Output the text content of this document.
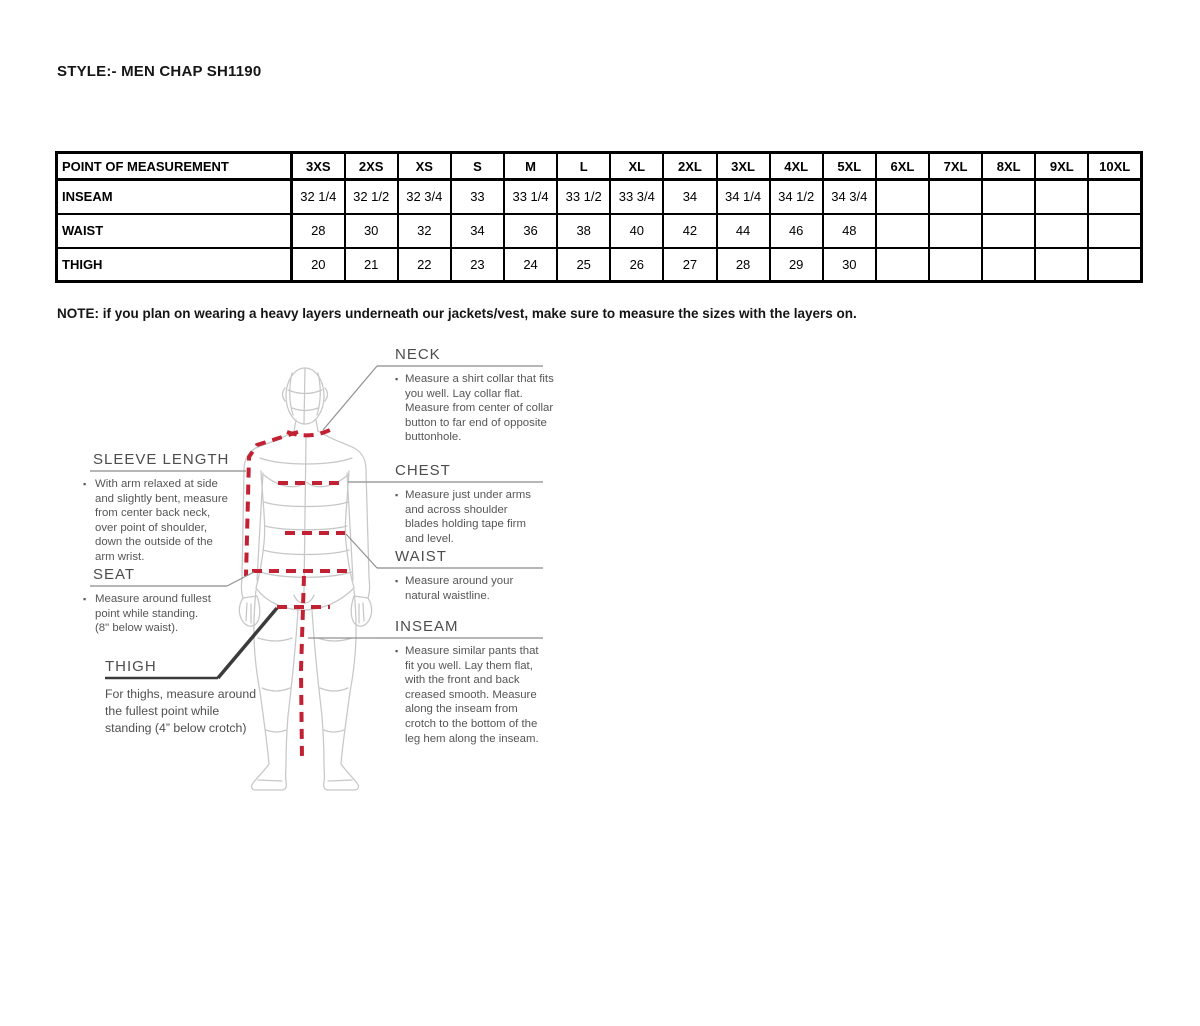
STYLE:- MEN CHAP SH1190
POINT OF MEASUREMENT	3XS	2XS	XS	S	M	L	XL	2XL	3XL	4XL	5XL	6XL	7XL	8XL	9XL	10XL
INSEAM	32 1/4	32 1/2	32 3/4	33	33 1/4	33 1/2	33 3/4	34	34 1/4	34 1/2	34 3/4					
WAIST	28	30	32	34	36	38	40	42	44	46	48					
THIGH	20	21	22	23	24	25	26	27	28	29	30					
NOTE: if you plan on wearing a heavy layers underneath our jackets/vest, make sure to measure the sizes with the layers on.
NECK
▪ Measure a shirt collar that fits you well. Lay collar flat. Measure from center of collar button to far end of opposite buttonhole.
CHEST
▪ Measure just under arms and across shoulder blades holding tape firm and level.
WAIST
▪ Measure around your natural waistline.
INSEAM
▪ Measure similar pants that fit you well. Lay them flat, with the front and back creased smooth. Measure along the inseam from crotch to the bottom of the leg hem along the inseam.
SLEEVE LENGTH
▪ With arm relaxed at side and slightly bent, measure from center back neck, over point of shoulder, down the outside of the arm wrist.
SEAT
▪ Measure around fullest point while standing. (8" below waist).
THIGH
For thighs, measure around the fullest point while standing (4” below crotch)
